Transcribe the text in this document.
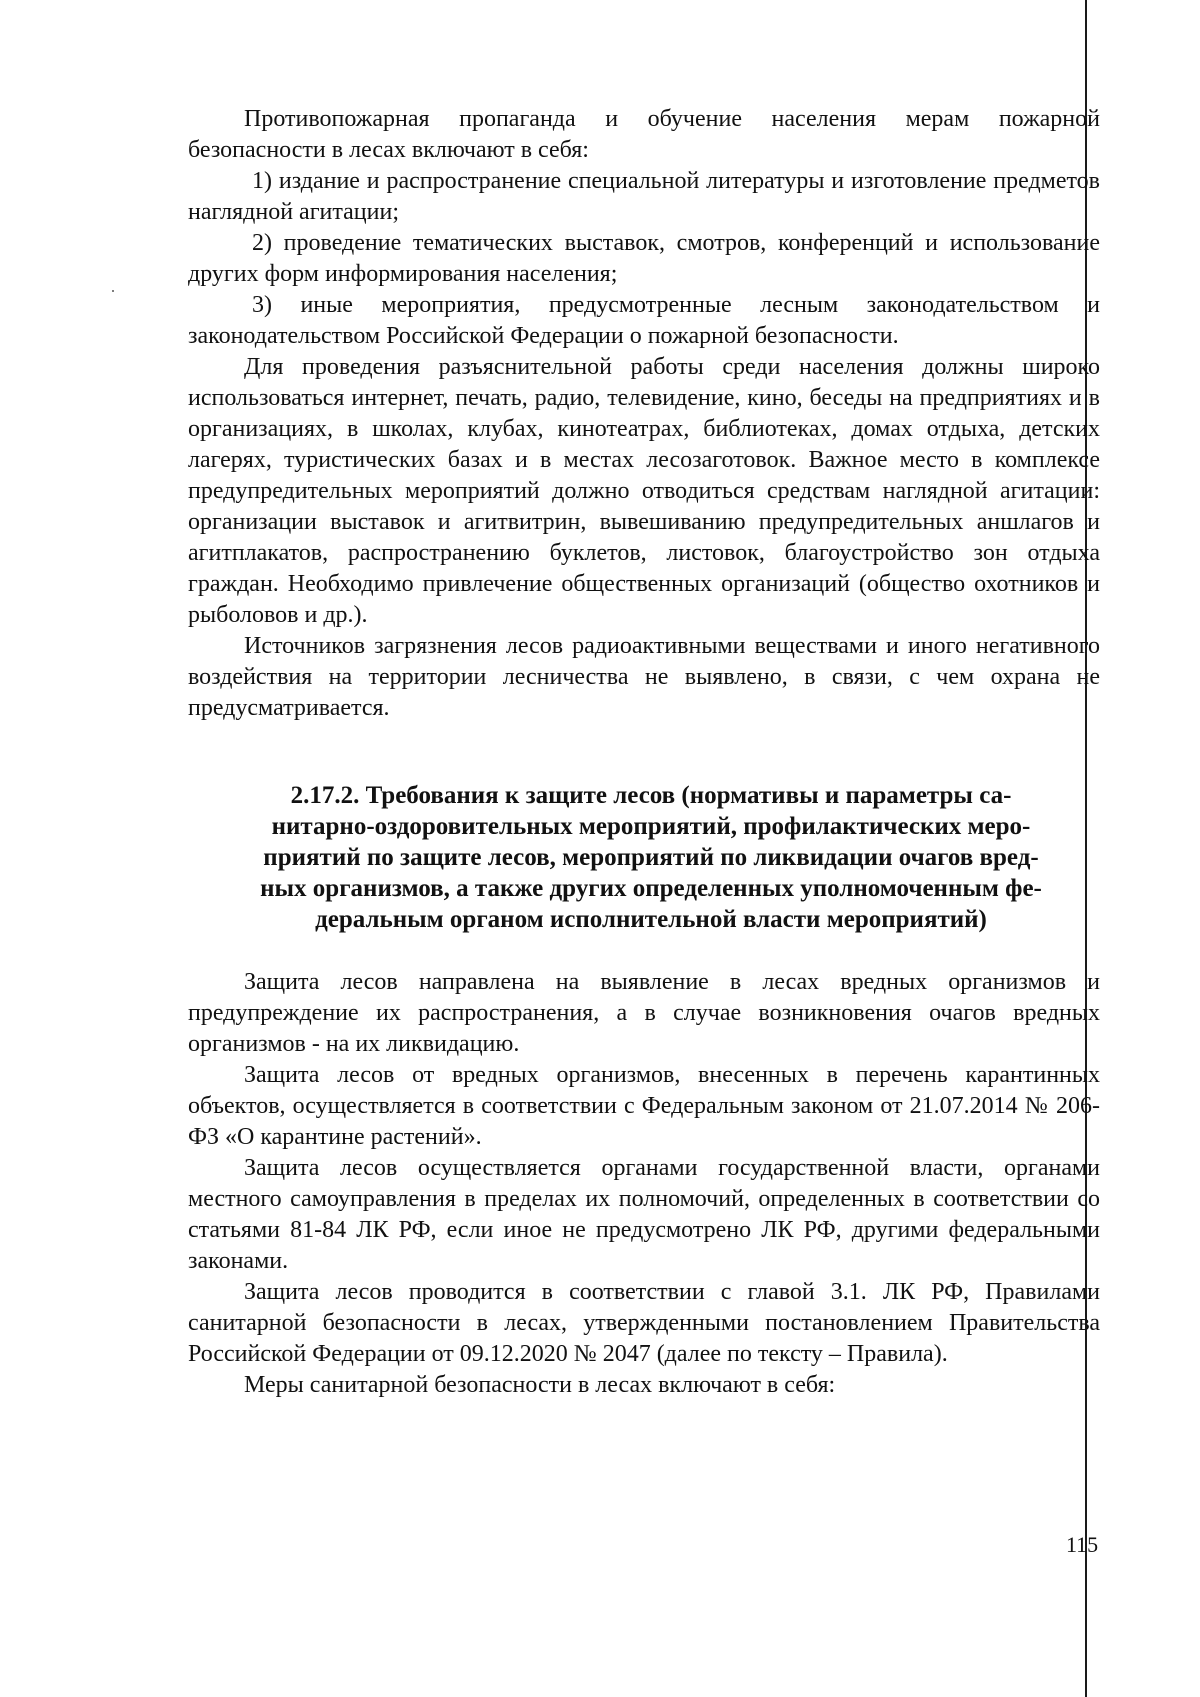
Противопожарная пропаганда и обучение населения мерам пожарной безопасности в лесах включают в себя:

1) издание и распространение специальной литературы и изготовление предметов наглядной агитации;

2) проведение тематических выставок, смотров, конференций и использование других форм информирования населения;

3) иные мероприятия, предусмотренные лесным законодательством и законодательством Российской Федерации о пожарной безопасности.

Для проведения разъяснительной работы среди населения должны широко использоваться интернет, печать, радио, телевидение, кино, беседы на предприятиях и в организациях, в школах, клубах, кинотеатрах, библиотеках, домах отдыха, детских лагерях, туристических базах и в местах лесозаготовок. Важное место в комплексе предупредительных мероприятий должно отводиться средствам наглядной агитации: организации выставок и агитвитрин, вывешиванию предупредительных аншлагов и агитплакатов, распространению буклетов, листовок, благоустройство зон отдыха граждан. Необходимо привлечение общественных организаций (общество охотников и рыболовов и др.).

Источников загрязнения лесов радиоактивными веществами и иного негативного воздействия на территории лесничества не выявлено, в связи, с чем охрана не предусматривается.

2.17.2. Требования к защите лесов (нормативы и параметры са-
нитарно-оздоровительных мероприятий, профилактических меро-
приятий по защите лесов, мероприятий по ликвидации очагов вред-
ных организмов, а также других определенных уполномоченным фе-
деральным органом исполнительной власти мероприятий)

Защита лесов направлена на выявление в лесах вредных организмов и предупреждение их распространения, а в случае возникновения очагов вредных организмов - на их ликвидацию.

Защита лесов от вредных организмов, внесенных в перечень карантинных объектов, осуществляется в соответствии с Федеральным законом от 21.07.2014 № 206-ФЗ «О карантине растений».

Защита лесов осуществляется органами государственной власти, органами местного самоуправления в пределах их полномочий, определенных в соответствии со статьями 81-84 ЛК РФ, если иное не предусмотрено ЛК РФ, другими федеральными законами.

Защита лесов проводится в соответствии с главой 3.1. ЛК РФ, Правилами санитарной безопасности в лесах, утвержденными постановлением Правительства Российской Федерации от 09.12.2020 № 2047 (далее по тексту – Правила).

Меры санитарной безопасности в лесах включают в себя:

115
